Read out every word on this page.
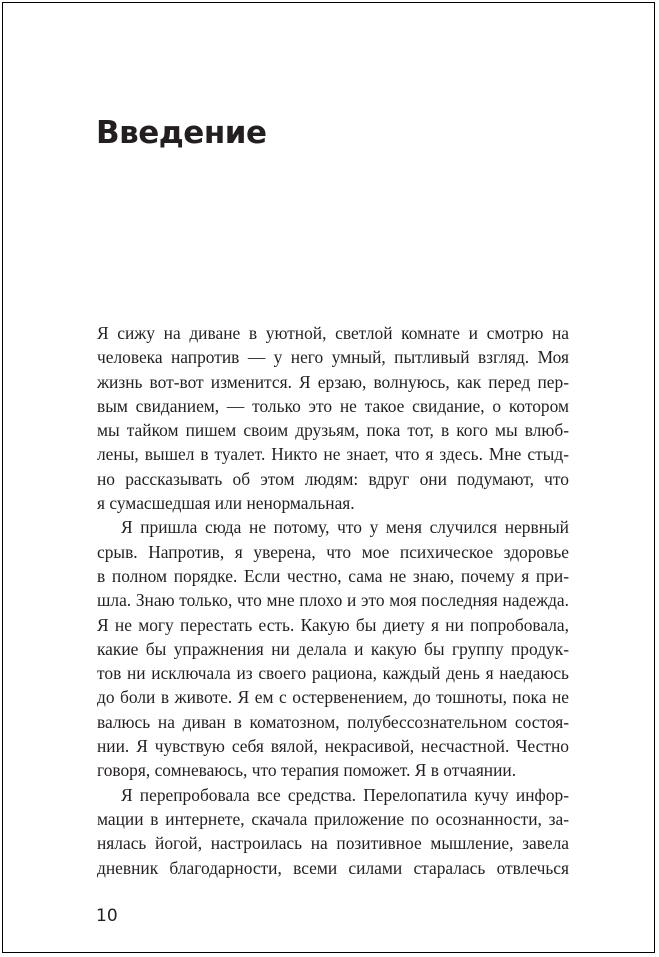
Введение
Я сижу на диване в уютной, светлой комнате и смотрю на
человека напротив — у него умный, пытливый взгляд. Моя
жизнь вот-вот изменится. Я ерзаю, волнуюсь, как перед пер-
вым свиданием, — только это не такое свидание, о котором
мы тайком пишем своим друзьям, пока тот, в кого мы влюб-
лены, вышел в туалет. Никто не знает, что я здесь. Мне стыд-
но рассказывать об этом людям: вдруг они подумают, что
я сумасшедшая или ненормальная.
Я пришла сюда не потому, что у меня случился нервный
срыв. Напротив, я уверена, что мое психическое здоровье
в полном порядке. Если честно, сама не знаю, почему я при-
шла. Знаю только, что мне плохо и это моя последняя надежда.
Я не могу перестать есть. Какую бы диету я ни попробовала,
какие бы упражнения ни делала и какую бы группу продук-
тов ни исключала из своего рациона, каждый день я наедаюсь
до боли в животе. Я ем с остервенением, до тошноты, пока не
валюсь на диван в коматозном, полубессознательном состоя-
нии. Я чувствую себя вялой, некрасивой, несчастной. Честно
говоря, сомневаюсь, что терапия поможет. Я в отчаянии.
Я перепробовала все средства. Перелопатила кучу инфор-
мации в интернете, скачала приложение по осознанности, за-
нялась йогой, настроилась на позитивное мышление, завела
дневник благодарности, всеми силами старалась отвлечься
10
